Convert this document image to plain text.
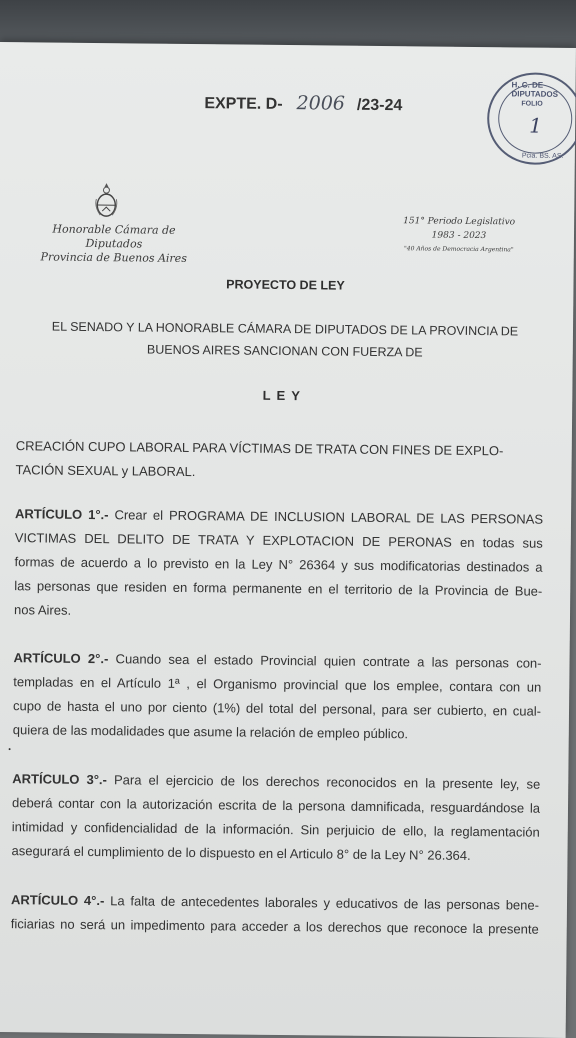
EXPTE. D- 2006 /23-24
H. C. DE DIPUTADOS
FOLIO
1
Pcia. BS. AS.
Honorable Cámara de Diputados
Provincia de Buenos Aires
151° Periodo Legislativo
1983 - 2023
"40 Años de Democracia Argentina"
PROYECTO DE LEY
EL SENADO Y LA HONORABLE CÁMARA DE DIPUTADOS DE LA PROVINCIA DE
BUENOS AIRES SANCIONAN CON FUERZA DE
LEY
CREACIÓN CUPO LABORAL PARA VÍCTIMAS DE TRATA CON FINES DE EXPLO-
TACIÓN SEXUAL y LABORAL.
ARTÍCULO 1°.- Crear el PROGRAMA DE INCLUSION LABORAL DE LAS PERSONAS
VICTIMAS DEL DELITO DE TRATA Y EXPLOTACION DE PERONAS en todas sus
formas de acuerdo a lo previsto en la Ley N° 26364 y sus modificatorias destinados a
las personas que residen en forma permanente en el territorio de la Provincia de Bue-
nos Aires.
ARTÍCULO 2°.- Cuando sea el estado Provincial quien contrate a las personas con-
templadas en el Artículo 1ª , el Organismo provincial que los emplee, contara con un
cupo de hasta el uno por ciento (1%) del total del personal, para ser cubierto, en cual-
quiera de las modalidades que asume la relación de empleo público.
ARTÍCULO 3°.- Para el ejercicio de los derechos reconocidos en la presente ley, se
deberá contar con la autorización escrita de la persona damnificada, resguardándose la
intimidad y confidencialidad de la información. Sin perjuicio de ello, la reglamentación
asegurará el cumplimiento de lo dispuesto en el Articulo 8° de la Ley N° 26.364.
ARTÍCULO 4°.- La falta de antecedentes laborales y educativos de las personas bene-
ficiarias no será un impedimento para acceder a los derechos que reconoce la presente
